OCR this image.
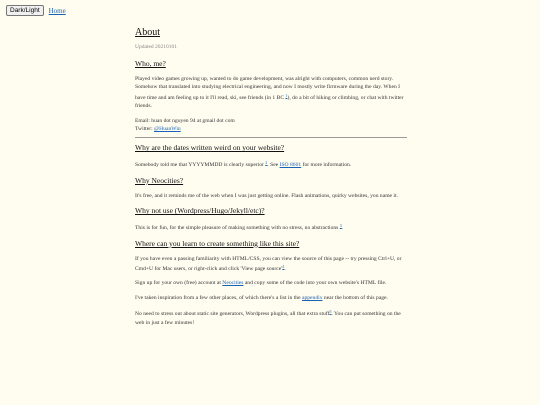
Dark/Light	Home
About
Updated 20210101
Who, me?

Played video games growing up, wanted to do game development, was alright with computers, common nerd story. Somehow that translated into studying electrical engineering, and now I mostly write firmware during the day. When I have time and am feeling up to it I'll read, ski, see friends (in 1 BC $^1$), do a bit of hiking or climbing, or chat with twitter friends.

Email: huan dot nguyen 94 at gmail dot com
Twitter: @HuanWin

Why are the dates written weird on your website?

Somebody told me that YYYYMMDD is clearly superior $^2$. See ISO 8601 for more information.

Why Neocities?

It's free, and it reminds me of the web when I was just getting online. Flash animations, quirky websites, you name it.

Why not use (Wordpress/Hugo/Jekyll/etc)?

This is for fun, for the simple pleasure of making something with no stress, no abstractions $^3$.

Where can you learn to create something like this site?

If you have even a passing familiarity with HTML/CSS, you can view the source of this page -- try pressing Ctrl+U, or Cmd+U for Mac users, or right-click and click 'View page $source'^4$.

Sign up for your own (free) account at Neocities and copy some of the code into your own website's HTML file.

I've taken inspiration from a few other places, of which there's a list in the appendix near the bottom of this page.

No need to stress out about static site generators, Wordpress plugins, all that extra stuff$^5$. You can put something on the web in just a few minutes!
